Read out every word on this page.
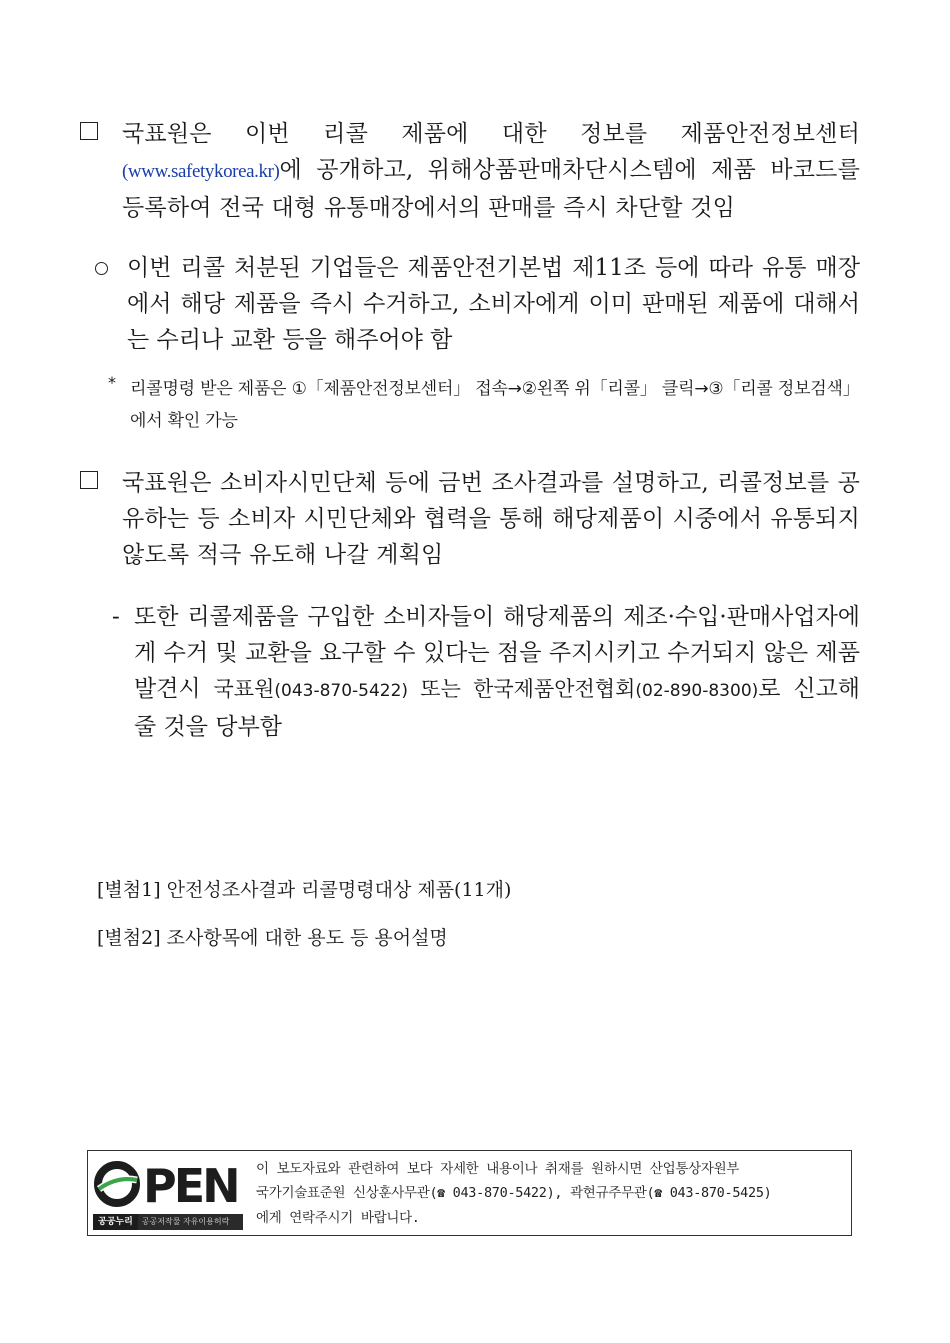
국표원은 이번 리콜 제품에 대한 정보를 제품안전정보센터(www.safetykorea.kr)에 공개하고, 위해상품판매차단시스템에 제품 바코드를 등록하여 전국 대형 유통매장에서의 판매를 즉시 차단할 것임
이번 리콜 처분된 기업들은 제품안전기본법 제11조 등에 따라 유통 매장에서 해당 제품을 즉시 수거하고, 소비자에게 이미 판매된 제품에 대해서는 수리나 교환 등을 해주어야 함
* 리콜명령 받은 제품은 ①「제품안전정보센터」 접속→②왼쪽 위「리콜」 클릭→③「리콜 정보검색」에서 확인 가능
국표원은 소비자시민단체 등에 금번 조사결과를 설명하고, 리콜정보를 공유하는 등 소비자 시민단체와 협력을 통해 해당제품이 시중에서 유통되지 않도록 적극 유도해 나갈 계획임
- 또한 리콜제품을 구입한 소비자들이 해당제품의 제조·수입·판매사업자에게 수거 및 교환을 요구할 수 있다는 점을 주지시키고 수거되지 않은 제품 발견시 국표원(043-870-5422) 또는 한국제품안전협회(02-890-8300)로 신고해 줄 것을 당부함
[별첨1] 안전성조사결과 리콜명령대상 제품(11개)
[별첨2] 조사항목에 대한 용도 등 용어설명
PEN
공공누리	공공저작물 자유이용허락
이 보도자료와 관련하여 보다 자세한 내용이나 취재를 원하시면 산업통상자원부
국가기술표준원 신상훈사무관(☎ 043-870-5422), 곽현규주무관(☎ 043-870-5425)
에게 연락주시기 바랍니다.
